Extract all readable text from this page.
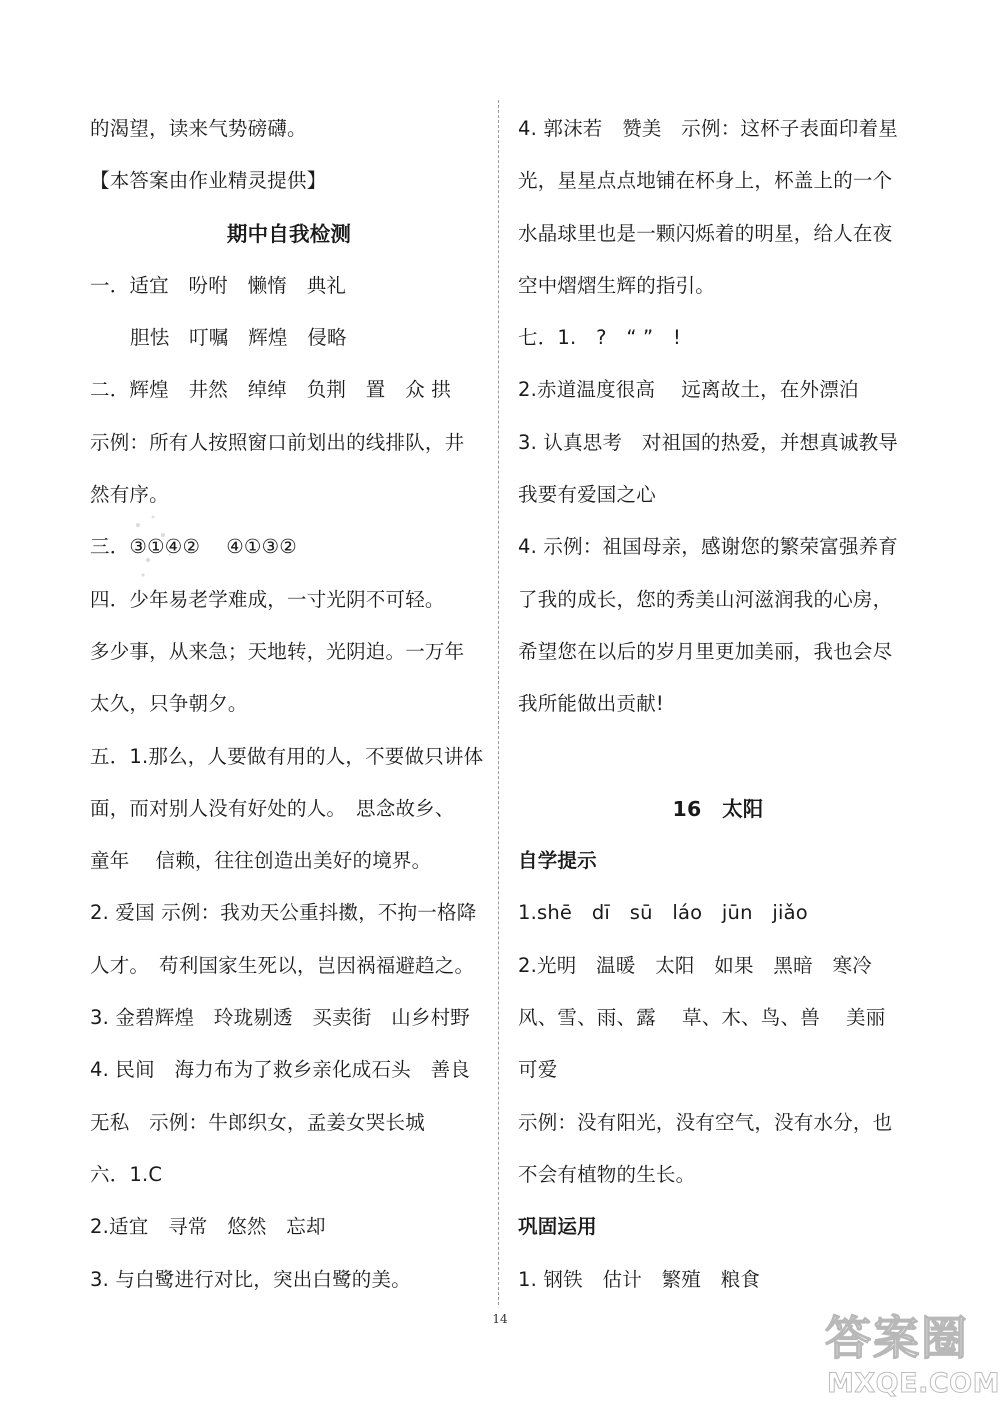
的渴望，读来气势磅礴。
【本答案由作业精灵提供】
期中自我检测
一．适宜　吩咐　懒惰　典礼
胆怯　叮嘱　辉煌　侵略
二．辉煌　井然　绰绰　负荆　置　众 拱
示例：所有人按照窗口前划出的线排队，井
然有序。
三．③①④②　 ④①③②
四．少年易老学难成，一寸光阴不可轻。
多少事，从来急；天地转，光阴迫。一万年
太久，只争朝夕。
五．1.那么，人要做有用的人，不要做只讲体
面，而对别人没有好处的人。　思念故乡、
童年　 信赖，往往创造出美好的境界。
2. 爱国 示例：我劝天公重抖擞，不拘一格降
人才。　苟利国家生死以，岂因祸福避趋之。
3. 金碧辉煌　玲珑剔透　买卖街　山乡村野
4. 民间　海力布为了救乡亲化成石头　善良
无私　示例：牛郎织女，孟姜女哭长城
六．1.C
2.适宜　寻常　悠然　忘却
3. 与白鹭进行对比，突出白鹭的美。
4. 郭沫若　赞美　示例：这杯子表面印着星
光，星星点点地铺在杯身上，杯盖上的一个
水晶球里也是一颗闪烁着的明星，给人在夜
空中熠熠生辉的指引。
七．1.　?　“ ”　!
2.赤道温度很高　 远离故土，在外漂泊
3. 认真思考　对祖国的热爱，并想真诚教导
我要有爱国之心
4. 示例：祖国母亲，感谢您的繁荣富强养育
了我的成长，您的秀美山河滋润我的心房，
希望您在以后的岁月里更加美丽，我也会尽
我所能做出贡献!
16　太阳
自学提示
1.shē　dī　sū　láo　jūn　jiǎo
2.光明　温暖　太阳　如果　黑暗　寒冷
风、雪、雨、露　 草、木、鸟、兽　 美丽
可爱
示例：没有阳光，没有空气，没有水分，也
不会有植物的生长。
巩固运用
1. 钢铁　估计　繁殖　粮食
14	答案圈
MXQE.COM
